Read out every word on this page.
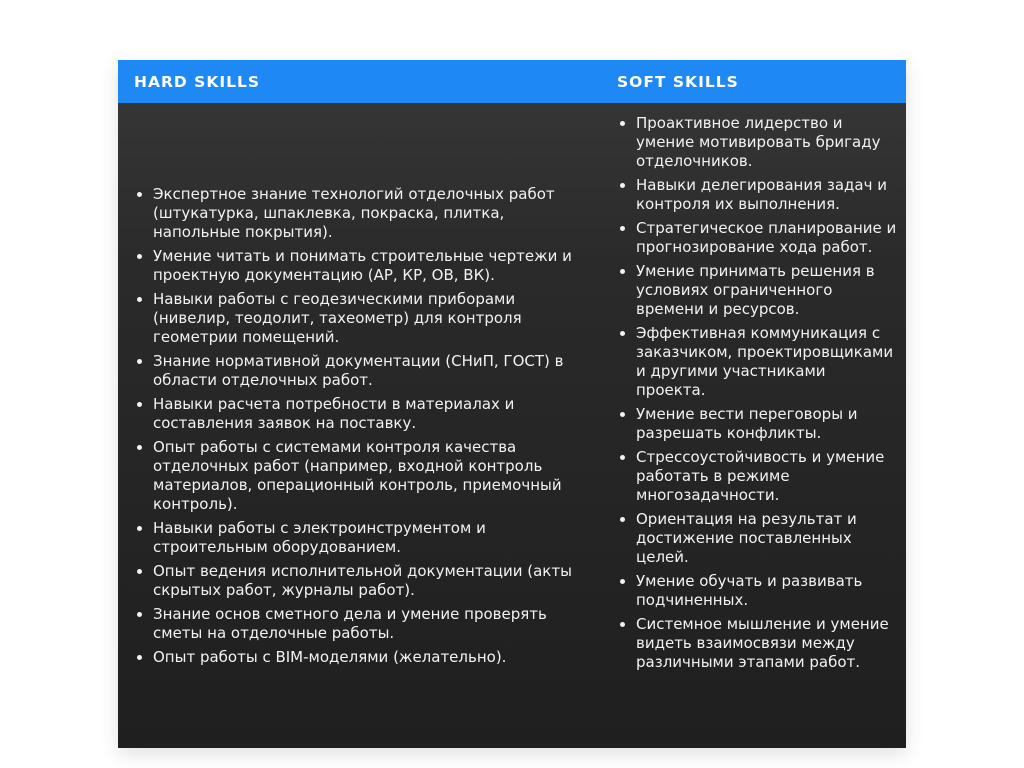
HARD SKILLS	SOFT SKILLS
Экспертное знание технологий отделочных работ (штукатурка, шпаклевка, покраска, плитка, напольные покрытия).
Умение читать и понимать строительные чертежи и проектную документацию (АР, КР, ОВ, ВК).
Навыки работы с геодезическими приборами (нивелир, теодолит, тахеометр) для контроля геометрии помещений.
Знание нормативной документации (СНиП, ГОСТ) в области отделочных работ.
Навыки расчета потребности в материалах и составления заявок на поставку.
Опыт работы с системами контроля качества отделочных работ (например, входной контроль материалов, операционный контроль, приемочный контроль).
Навыки работы с электроинструментом и строительным оборудованием.
Опыт ведения исполнительной документации (акты скрытых работ, журналы работ).
Знание основ сметного дела и умение проверять сметы на отделочные работы.
Опыт работы с BIM-моделями (желательно).
Проактивное лидерство и умение мотивировать бригаду отделочников.
Навыки делегирования задач и контроля их выполнения.
Стратегическое планирование и прогнозирование хода работ.
Умение принимать решения в условиях ограниченного времени и ресурсов.
Эффективная коммуникация с заказчиком, проектировщиками и другими участниками проекта.
Умение вести переговоры и разрешать конфликты.
Стрессоустойчивость и умение работать в режиме многозадачности.
Ориентация на результат и достижение поставленных целей.
Умение обучать и развивать подчиненных.
Системное мышление и умение видеть взаимосвязи между различными этапами работ.
